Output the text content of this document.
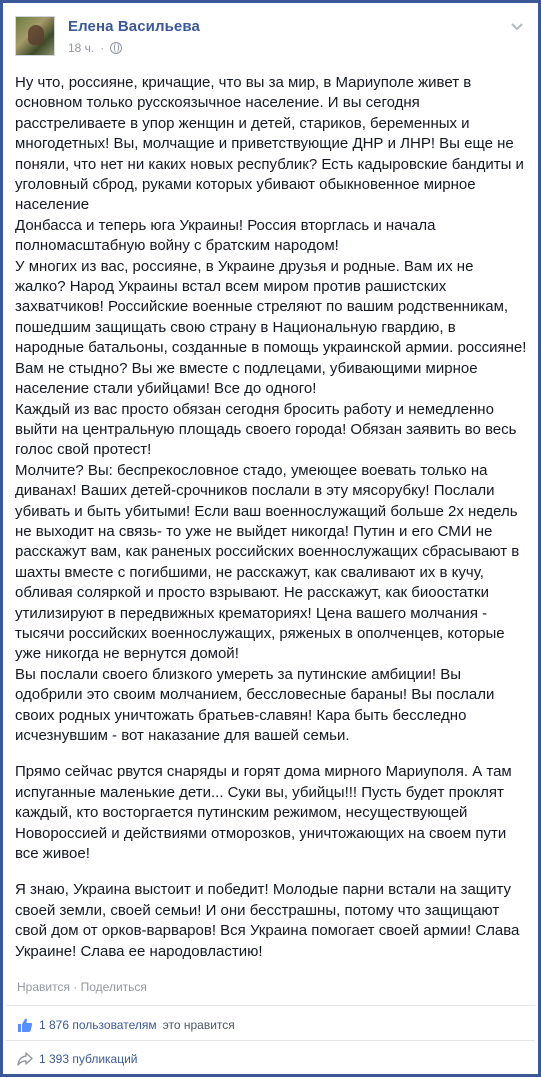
Елена Васильева
18 ч. ·

Ну что, россияне, кричащие, что вы за мир, в Мариуполе живет в основном только русскоязычное население. И вы сегодня расстреливаете в упор женщин и детей, стариков, беременных и многодетных! Вы, молчащие и приветствующие ДНР и ЛНР! Вы еще не поняли, что нет ни каких новых республик? Есть кадыровские бандиты и уголовный сброд, руками которых убивают обыкновенное мирное население

Донбасса и теперь юга Украины! Россия вторглась и начала полномасштабную войну с братским народом!

У многих из вас, россияне, в Украине друзья и родные. Вам их не жалко? Народ Украины встал всем миром против рашистских захватчиков! Российские военные стреляют по вашим родственникам, пошедшим защищать свою страну в Национальную гвардию, в народные батальоны, созданные в помощь украинской армии. россияне! Вам не стыдно? Вы же вместе с подлецами, убивающими мирное население стали убийцами! Все до одного!

Каждый из вас просто обязан сегодня бросить работу и немедленно выйти на центральную площадь своего города! Обязан заявить во весь голос свой протест!

Молчите? Вы: беспрекословное стадо, умеющее воевать только на диванах! Ваших детей-срочников послали в эту мясорубку! Послали убивать и быть убитыми! Если ваш военнослужащий больше 2х недель не выходит на связь- то уже не выйдет никогда! Путин и его СМИ не расскажут вам, как раненых российских военнослужащих сбрасывают в шахты вместе с погибшими, не расскажут, как сваливают их в кучу, обливая соляркой и просто взрывают. Не расскажут, как биоостатки утилизируют в передвижных крематориях! Цена вашего молчания - тысячи российских военнослужащих, ряженых в ополченцев, которые уже никогда не вернутся домой!

Вы послали своего близкого умереть за путинские амбиции! Вы одобрили это своим молчанием, бессловесные бараны! Вы послали своих родных уничтожать братьев-славян! Кара быть бесследно исчезнувшим - вот наказание для вашей семьи.

Прямо сейчас рвутся снаряды и горят дома мирного Мариуполя. А там испуганные маленькие дети... Суки вы, убийцы!!! Пусть будет проклят каждый, кто восторгается путинским режимом, несуществующей Новороссией и действиями отморозков, уничтожающих на своем пути все живое!

Я знаю, Украина выстоит и победит! Молодые парни встали на защиту своей земли, своей семьи! И они бесстрашны, потому что защищают свой дом от орков-варваров! Вся Украина помогает своей армии! Слава Украине! Слава ее народовластию!

Нравится · Поделиться
1 876 пользователям это нравится
1 393 публикаций
